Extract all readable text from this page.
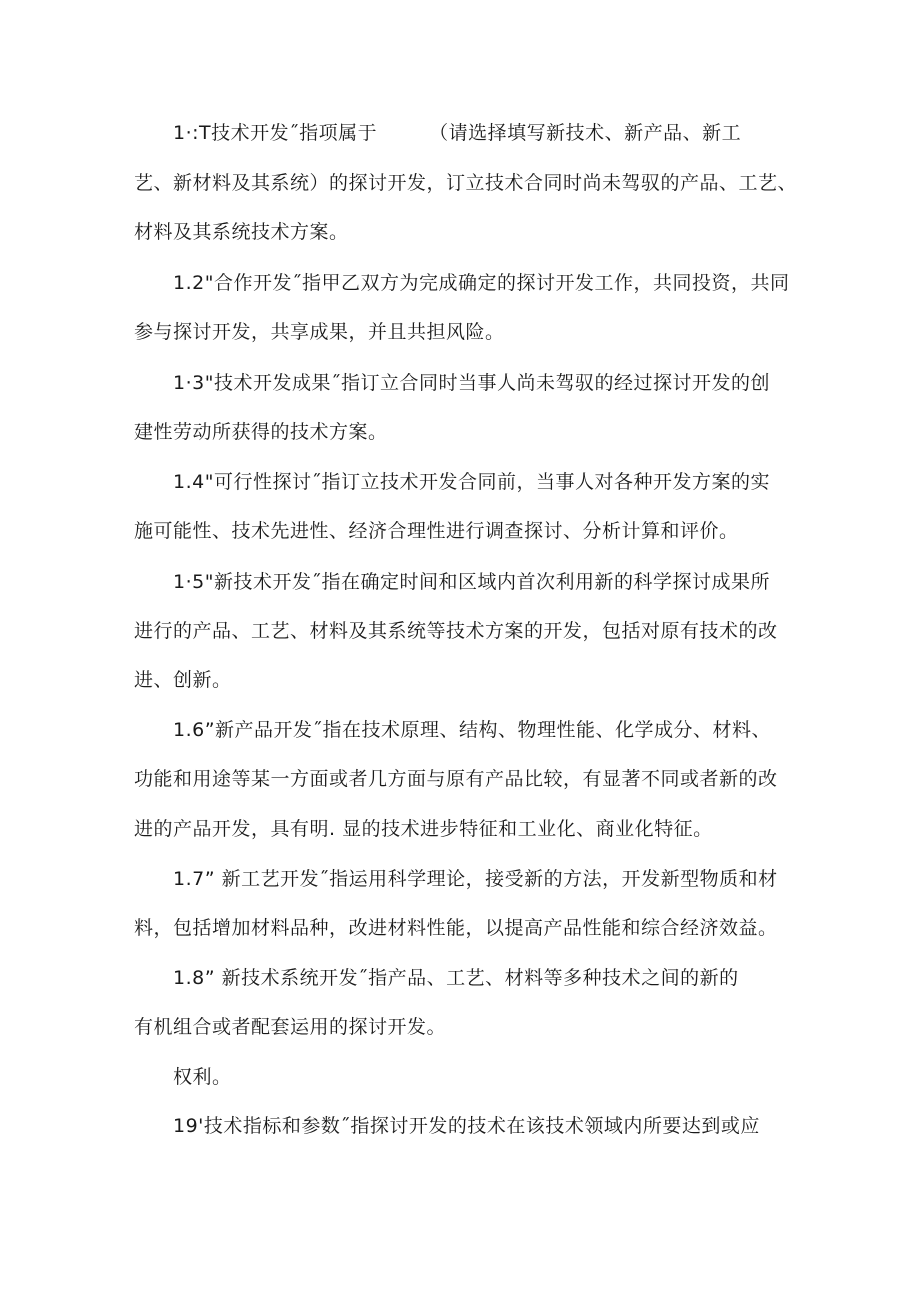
1·:T技术开发˝指项属于	（请选择填写新技术、新产品、新工
艺、新材料及其系统）的探讨开发，订立技术合同时尚未驾驭的产品、工艺、
材料及其系统技术方案。
1.2"合作开发˝指甲乙双方为完成确定的探讨开发工作，共同投资，共同
参与探讨开发，共享成果，并且共担风险。
1·3"技术开发成果˝指订立合同时当事人尚未驾驭的经过探讨开发的创
建性劳动所获得的技术方案。
1.4"可行性探讨˝指订立技术开发合同前，当事人对各种开发方案的实
施可能性、技术先进性、经济合理性进行调查探讨、分析计算和评价。
1·5"新技术开发˝指在确定时间和区域内首次利用新的科学探讨成果所
进行的产品、工艺、材料及其系统等技术方案的开发，包括对原有技术的改
进、创新。
1.6”新产品开发˝指在技术原理、结构、物理性能、化学成分、材料、
功能和用途等某一方面或者几方面与原有产品比较，有显著不同或者新的改
进的产品开发，具有明. 显的技术进步特征和工业化、商业化特征。
1.7” 新工艺开发˝指运用科学理论，接受新的方法，开发新型物质和材
料，包括增加材料品种，改进材料性能，以提高产品性能和综合经济效益。
1.8” 新技术系统开发˝指产品、工艺、材料等多种技术之间的新的
有机组合或者配套运用的探讨开发。
权利。
19'技术指标和参数˝指探讨开发的技术在该技术领域内所要达到或应
